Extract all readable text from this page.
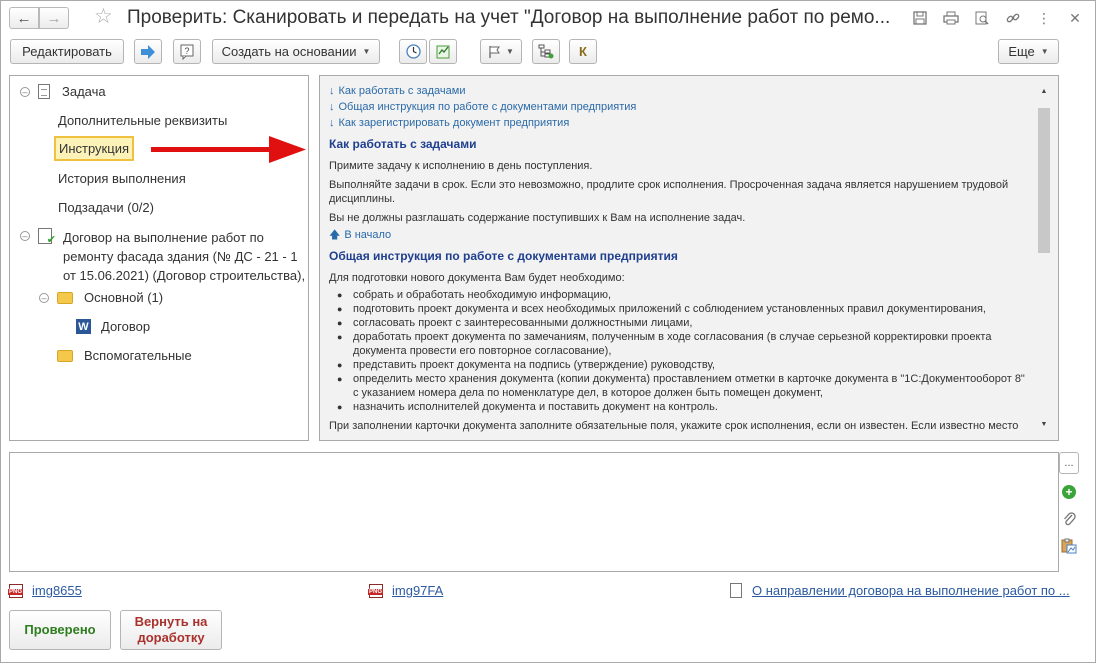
← → ☆ Проверить: Сканировать и передать на учет "Договор на выполнение работ по ремо...	⋮ ✕
Редактировать	? Создать на основании ▼	▼	К	Еще ▼
–	Задача
Дополнительные реквизиты
Инструкция
История выполнения
Подзадачи (0/2)
– ✔ Договор на выполнение работ по
ремонту фасада здания (№ ДС - 21 - 1
от 15.06.2021) (Договор строительства),
–	Основной (1)
W Договор
Вспомогательные
↓ Как работать с задачами
↓ Общая инструкция по работе с документами предприятия
↓ Как зарегистрировать документ предприятия
Как работать с задачами

Примите задачу к исполнению в день поступления.

Выполняйте задачи в срок. Если это невозможно, продлите срок исполнения. Просроченная задача является нарушением трудовой дисциплины.

Вы не должны разглашать содержание поступивших к Вам на исполнение задач.

🡅 В начало
Общая инструкция по работе с документами предприятия

Для подготовки нового документа Вам будет необходимо:

● собрать и обработать необходимую информацию,
● подготовить проект документа и всех необходимых приложений с соблюдением установленных правил документирования,
● согласовать проект с заинтересованными должностными лицами,
● доработать проект документа по замечаниям, полученным в ходе согласования (в случае серьезной корректировки проекта документа провести его повторное согласование),
● представить проект документа на подпись (утверждение) руководству,
● определить место хранения документа (копии документа) проставлением отметки в карточке документа в "1С:Документооборот 8" с указанием номера дела по номенклатуре дел, в которое должен быть помещен документ,
● назначить исполнителей документа и поставить документ на контроль.

При заполнении карточки документа заполните обязательные поля, укажите срок исполнения, если он известен. Если известно место

▲
▼
...
+
PNG img8655	PNG img97FA	О направлении договора на выполнение работ по ...
Проверено
Вернуть на
доработку
